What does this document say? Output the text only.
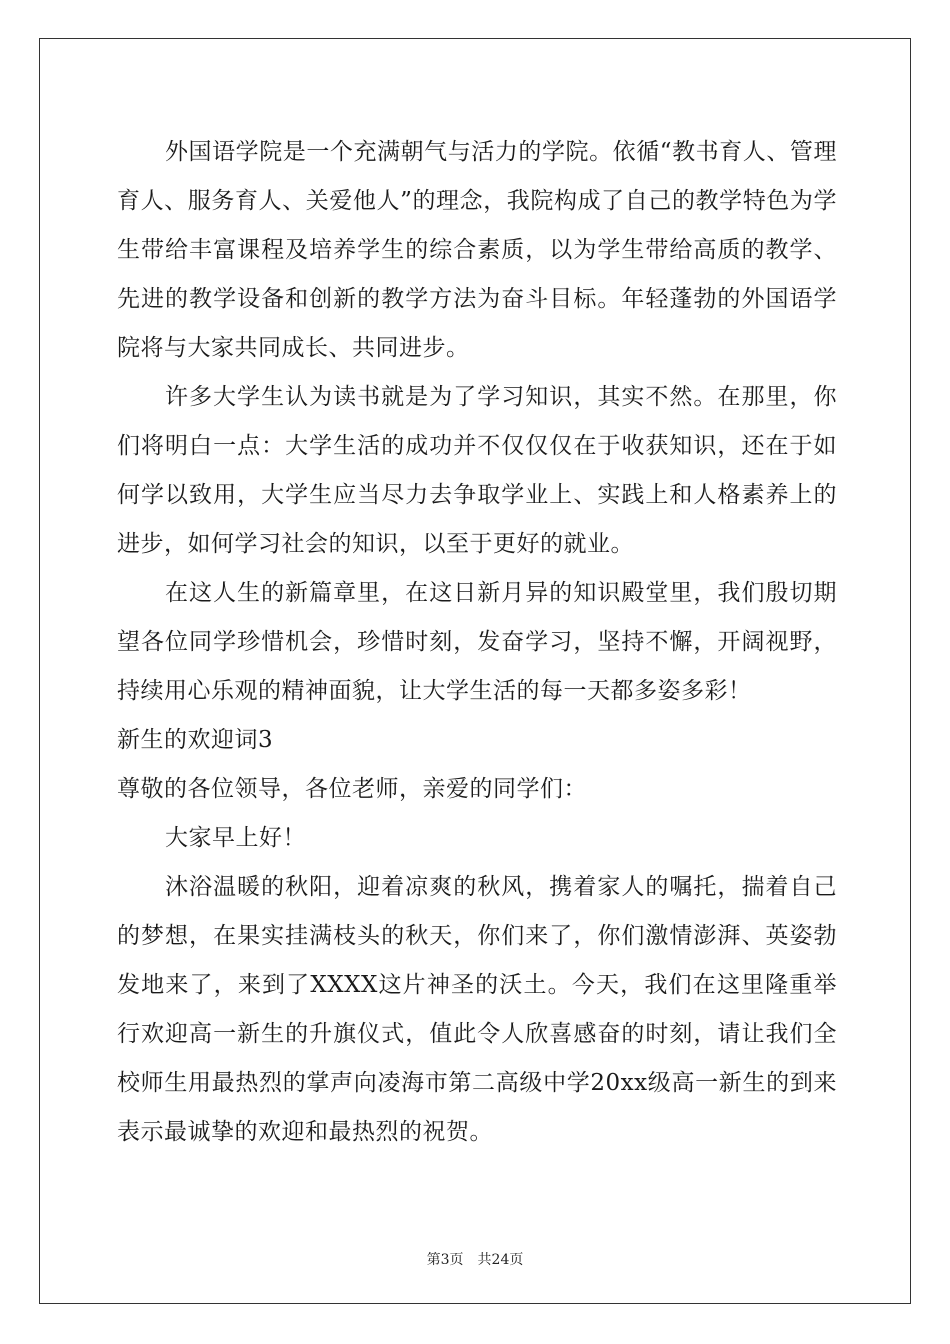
外国语学院是一个充满朝气与活力的学院。依循“教书育人、管理育人、服务育人、关爱他人”的理念，我院构成了自己的教学特色为学生带给丰富课程及培养学生的综合素质，以为学生带给高质的教学、先进的教学设备和创新的教学方法为奋斗目标。年轻蓬勃的外国语学院将与大家共同成长、共同进步。

许多大学生认为读书就是为了学习知识，其实不然。在那里，你们将明白一点：大学生活的成功并不仅仅仅在于收获知识，还在于如何学以致用，大学生应当尽力去争取学业上、实践上和人格素养上的进步，如何学习社会的知识，以至于更好的就业。

在这人生的新篇章里，在这日新月异的知识殿堂里，我们殷切期望各位同学珍惜机会，珍惜时刻，发奋学习，坚持不懈，开阔视野，持续用心乐观的精神面貌，让大学生活的每一天都多姿多彩！

新生的欢迎词3

尊敬的各位领导，各位老师，亲爱的同学们：

大家早上好！

沐浴温暖的秋阳，迎着凉爽的秋风，携着家人的嘱托，揣着自己的梦想，在果实挂满枝头的秋天，你们来了，你们激情澎湃、英姿勃发地来了，来到了XXXX这片神圣的沃土。今天，我们在这里隆重举行欢迎高一新生的升旗仪式，值此令人欣喜感奋的时刻，请让我们全校师生用最热烈的掌声向凌海市第二高级中学20xx级高一新生的到来表示最诚挚的欢迎和最热烈的祝贺。

第3页 共24页
